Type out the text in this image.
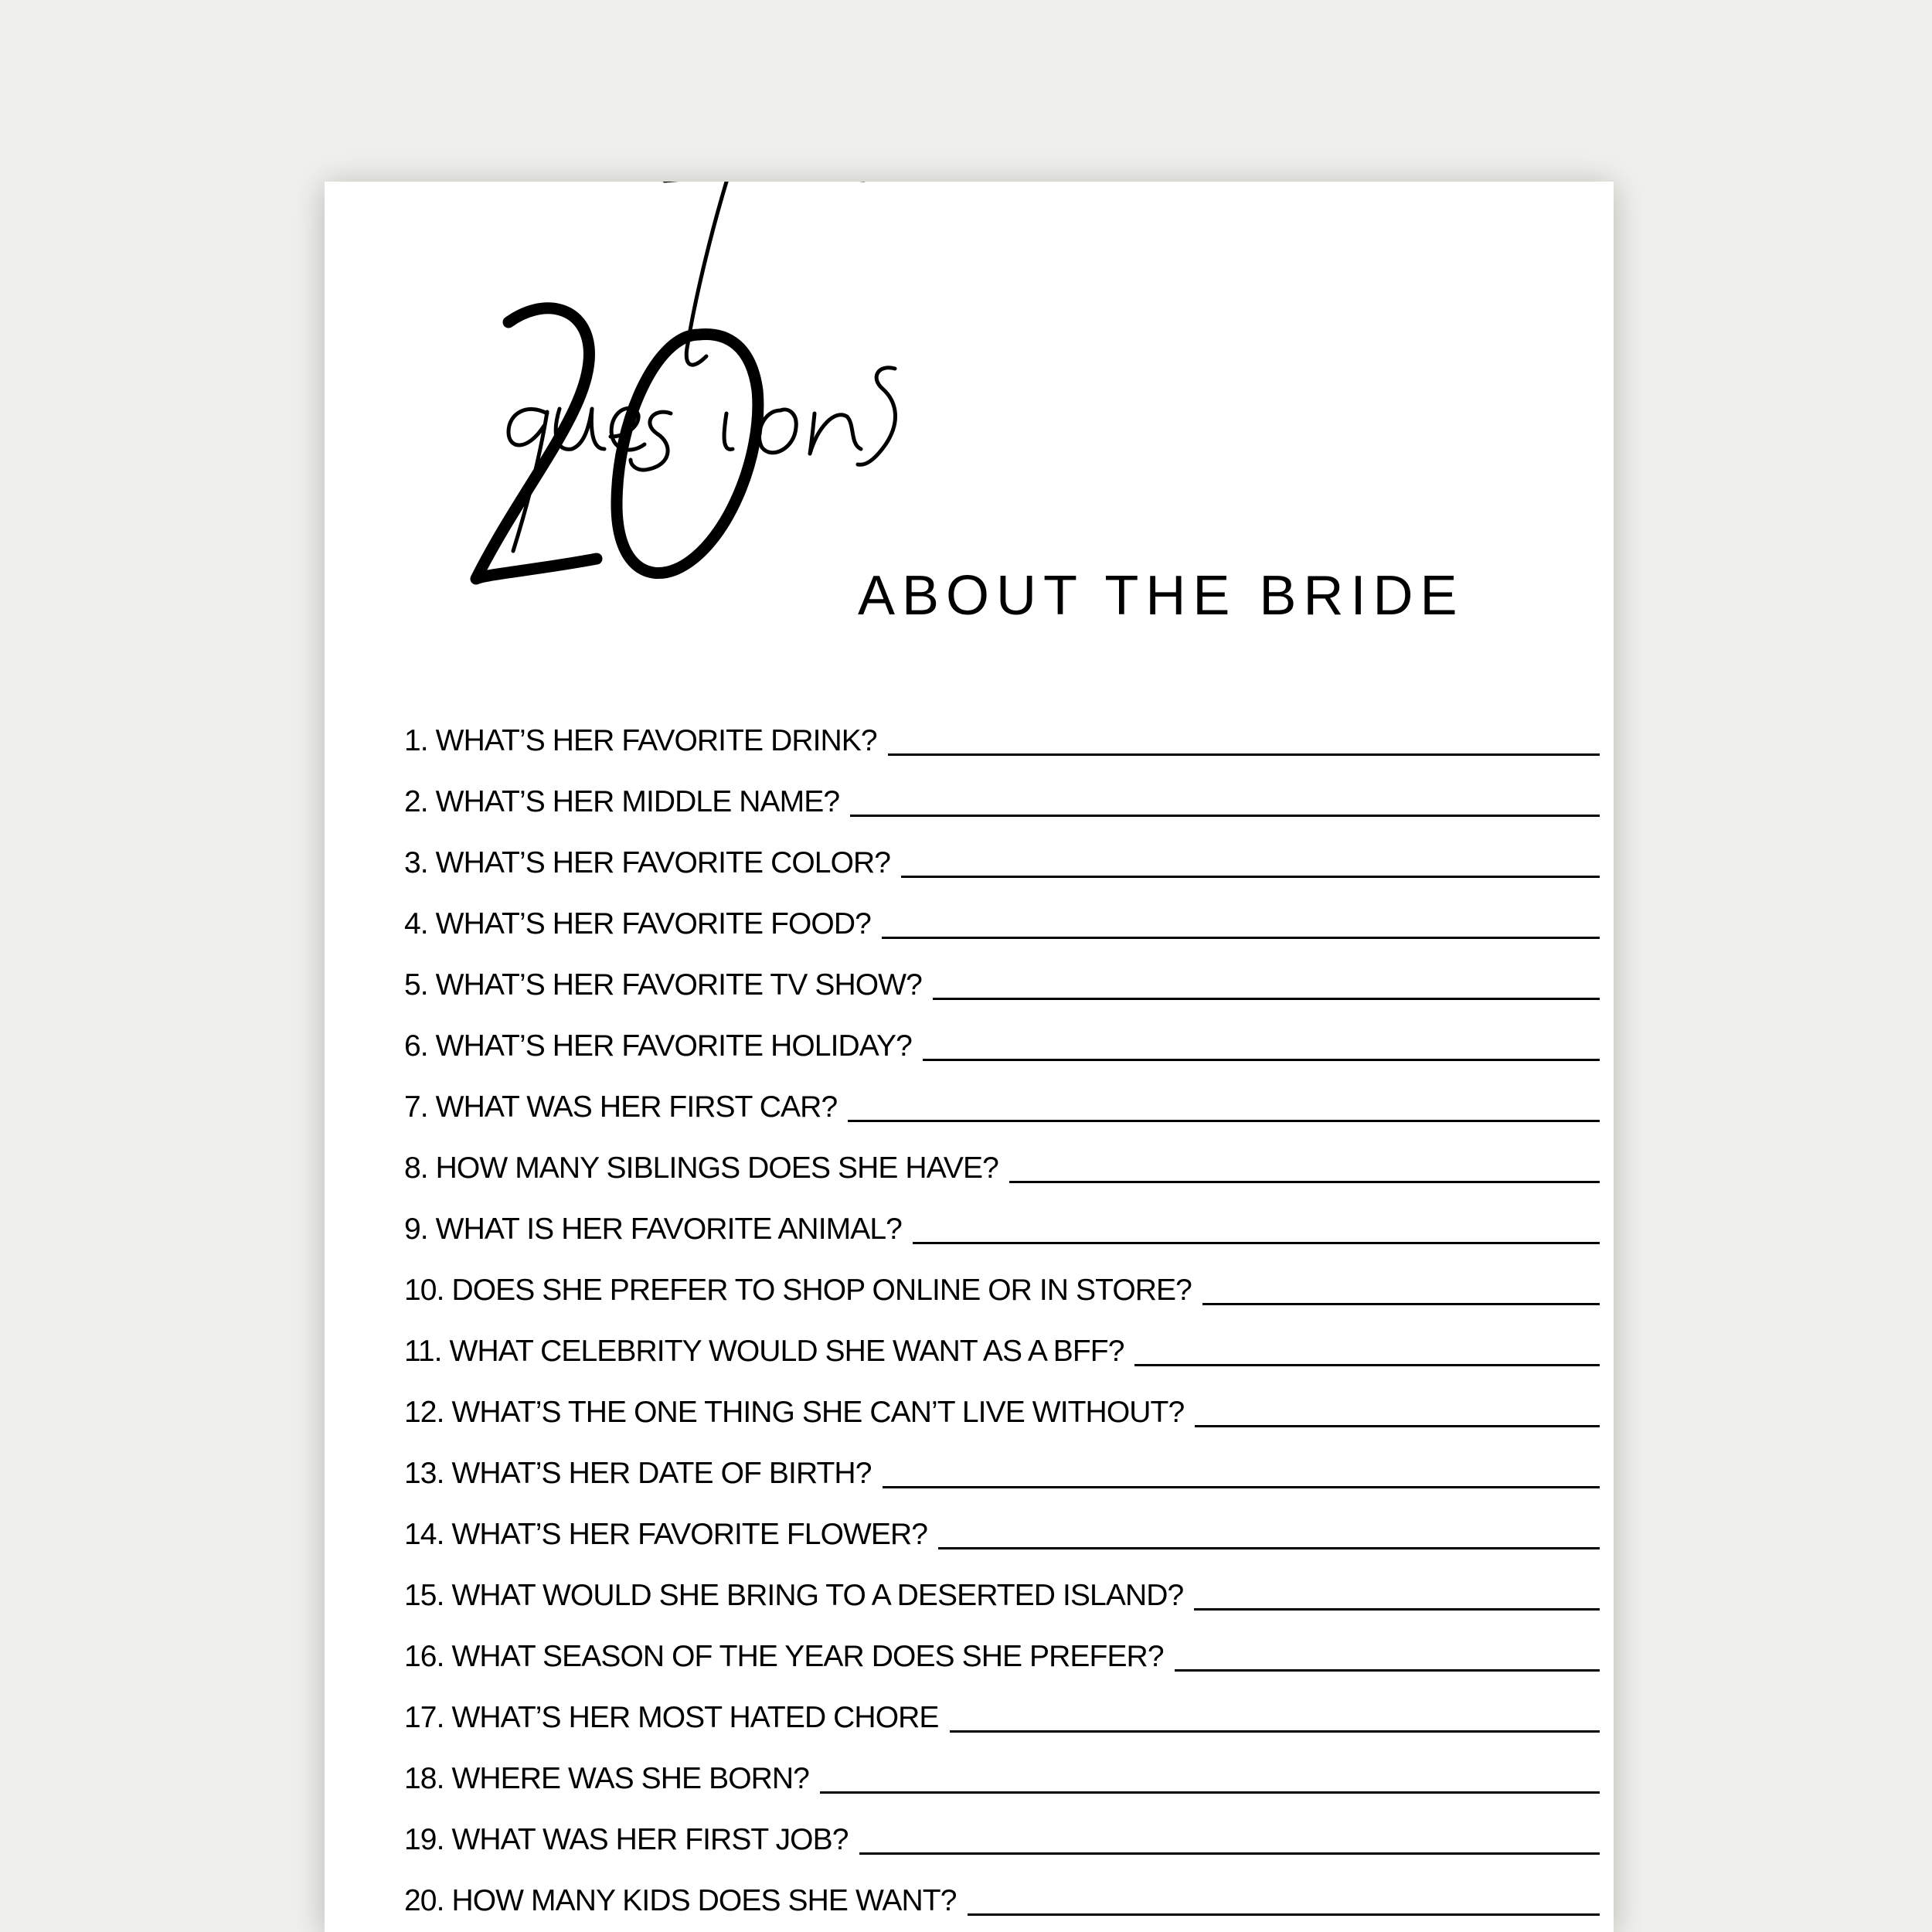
ABOUT THE BRIDE
1. WHAT’S HER FAVORITE DRINK?
2. WHAT’S HER MIDDLE NAME?
3. WHAT’S HER FAVORITE COLOR?
4. WHAT’S HER FAVORITE FOOD?
5. WHAT’S HER FAVORITE TV SHOW?
6. WHAT’S HER FAVORITE HOLIDAY?
7. WHAT WAS HER FIRST CAR?
8. HOW MANY SIBLINGS DOES SHE HAVE?
9. WHAT IS HER FAVORITE ANIMAL?
10. DOES SHE PREFER TO SHOP ONLINE OR IN STORE?
11. WHAT CELEBRITY WOULD SHE WANT AS A BFF?
12. WHAT’S THE ONE THING SHE CAN’T LIVE WITHOUT?
13. WHAT’S HER DATE OF BIRTH?
14. WHAT’S HER FAVORITE FLOWER?
15. WHAT WOULD SHE BRING TO A DESERTED ISLAND?
16. WHAT SEASON OF THE YEAR DOES SHE PREFER?
17. WHAT’S HER MOST HATED CHORE
18. WHERE WAS SHE BORN?
19. WHAT WAS HER FIRST JOB?
20. HOW MANY KIDS DOES SHE WANT?
